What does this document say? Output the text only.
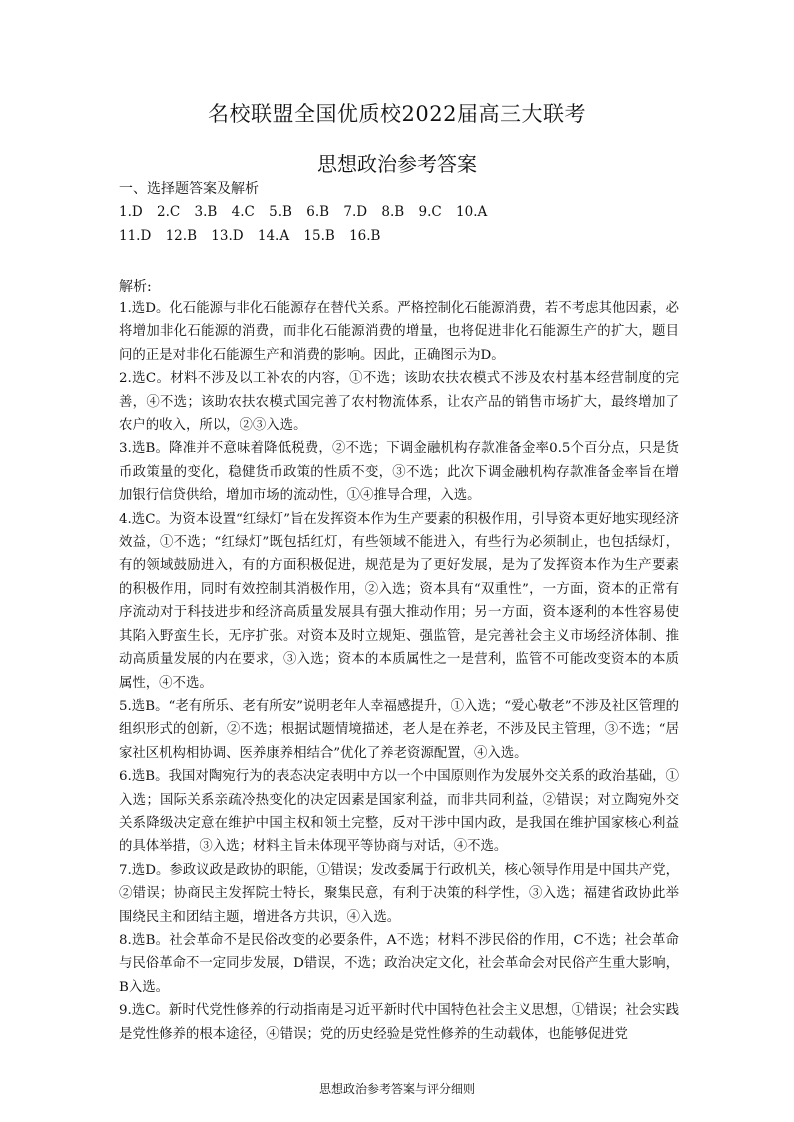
名校联盟全国优质校2022届高三大联考
思想政治参考答案
一、选择题答案及解析
1.D 2.C 3.B 4.C 5.B 6.B 7.D 8.B 9.C 10.A
11.D 12.B 13.D 14.A 15.B 16.B
解析:

1.选D。化石能源与非化石能源存在替代关系。严格控制化石能源消费，若不考虑其他因素，必将增加非化石能源的消费，而非化石能源消费的增量，也将促进非化石能源生产的扩大，题目问的正是对非化石能源生产和消费的影响。因此，正确图示为D。

2.选C。材料不涉及以工补农的内容，①不选；该助农扶农模式不涉及农村基本经营制度的完善，④不选；该助农扶农模式国完善了农村物流体系，让农产品的销售市场扩大，最终增加了农户的收入，所以，②③入选。

3.选B。降准并不意味着降低税费，②不选；下调金融机构存款准备金率0.5个百分点，只是货币政策量的变化，稳健货币政策的性质不变，③不选；此次下调金融机构存款准备金率旨在增加银行信贷供给，增加市场的流动性，①④推导合理，入选。

4.选C。为资本设置“红绿灯”旨在发挥资本作为生产要素的积极作用，引导资本更好地实现经济效益，①不选；“红绿灯”既包括红灯，有些领域不能进入，有些行为必须制止，也包括绿灯，有的领域鼓励进入，有的方面积极促进，规范是为了更好发展，是为了发挥资本作为生产要素的积极作用，同时有效控制其消极作用，②入选；资本具有“双重性”，一方面，资本的正常有序流动对于科技进步和经济高质量发展具有强大推动作用；另一方面，资本逐利的本性容易使其陷入野蛮生长，无序扩张。对资本及时立规矩、强监管，是完善社会主义市场经济体制、推动高质量发展的内在要求，③入选；资本的本质属性之一是营利，监管不可能改变资本的本质属性，④不选。

5.选B。“老有所乐、老有所安”说明老年人幸福感提升，①入选；“爱心敬老”不涉及社区管理的组织形式的创新，②不选；根据试题情境描述，老人是在养老，不涉及民主管理，③不选；“居家社区机构相协调、医养康养相结合”优化了养老资源配置，④入选。

6.选B。我国对陶宛行为的表态决定表明中方以一个中国原则作为发展外交关系的政治基础，①入选；国际关系亲疏冷热变化的决定因素是国家利益，而非共同利益，②错误；对立陶宛外交关系降级决定意在维护中国主权和领土完整，反对干涉中国内政，是我国在维护国家核心利益的具体举措，③入选；材料主旨未体现平等协商与对话，④不选。

7.选D。参政议政是政协的职能，①错误；发改委属于行政机关，核心领导作用是中国共产党，②错误；协商民主发挥院士特长，聚集民意，有利于决策的科学性，③入选；福建省政协此举围绕民主和团结主题，增进各方共识，④入选。

8.选B。社会革命不是民俗改变的必要条件，A不选；材料不涉民俗的作用，C不选；社会革命与民俗革命不一定同步发展，D错误，不选；政治决定文化，社会革命会对民俗产生重大影响，B入选。

9.选C。新时代党性修养的行动指南是习近平新时代中国特色社会主义思想，①错误；社会实践是党性修养的根本途径，④错误；党的历史经验是党性修养的生动载体，也能够促进党

思想政治参考答案与评分细则
